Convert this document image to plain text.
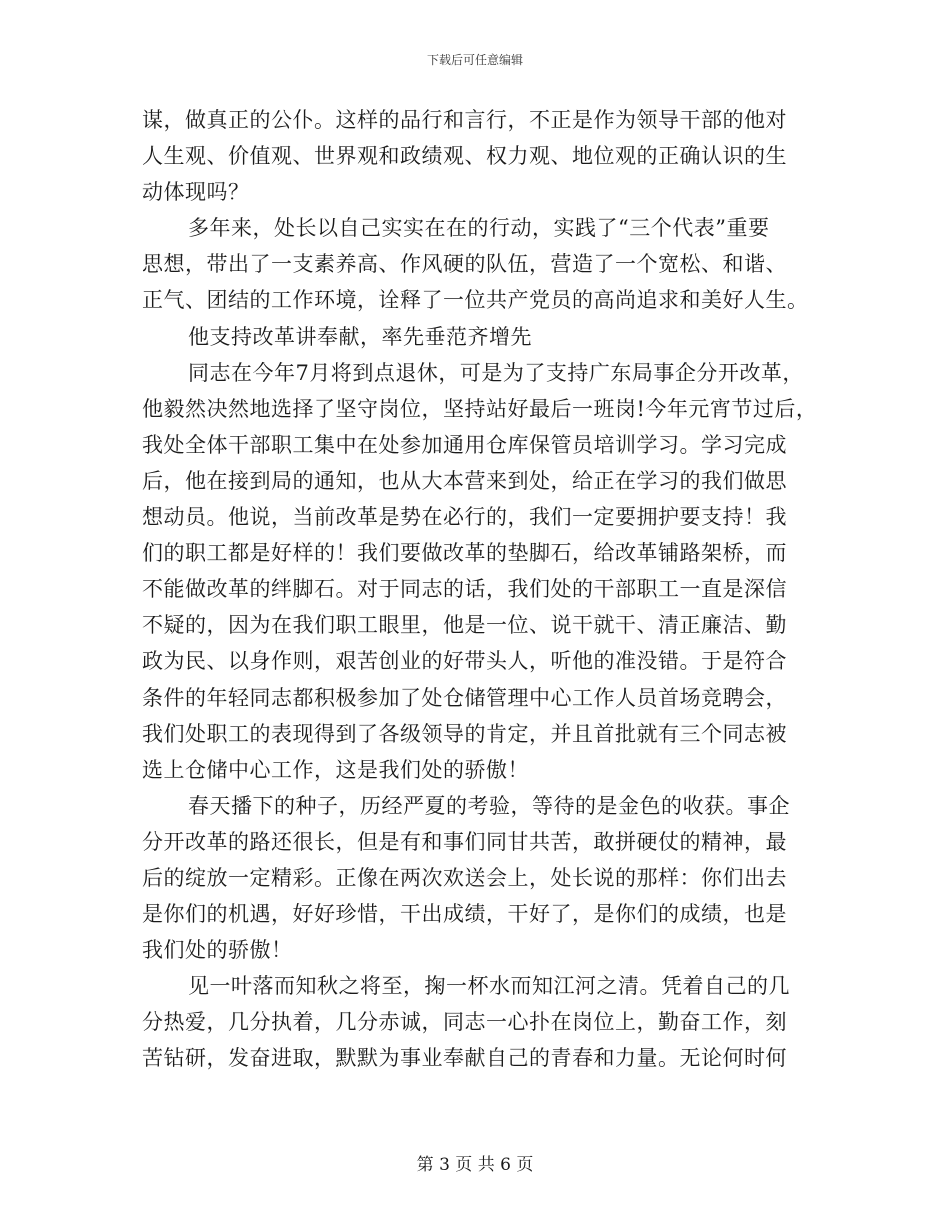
下载后可任意编辑
谋，做真正的公仆。这样的品行和言行，不正是作为领导干部的他对
人生观、价值观、世界观和政绩观、权力观、地位观的正确认识的生
动体现吗？
多年来，处长以自己实实在在的行动，实践了“三个代表”重要
思想，带出了一支素养高、作风硬的队伍，营造了一个宽松、和谐、
正气、团结的工作环境，诠释了一位共产党员的高尚追求和美好人生。
他支持改革讲奉献，率先垂范齐增先
同志在今年7月将到点退休，可是为了支持广东局事企分开改革，
他毅然决然地选择了坚守岗位，坚持站好最后一班岗!今年元宵节过后，
我处全体干部职工集中在处参加通用仓库保管员培训学习。学习完成
后，他在接到局的通知，也从大本营来到处，给正在学习的我们做思
想动员。他说，当前改革是势在必行的，我们一定要拥护要支持！我
们的职工都是好样的！我们要做改革的垫脚石，给改革铺路架桥，而
不能做改革的绊脚石。对于同志的话，我们处的干部职工一直是深信
不疑的，因为在我们职工眼里，他是一位、说干就干、清正廉洁、勤
政为民、以身作则，艰苦创业的好带头人，听他的准没错。于是符合
条件的年轻同志都积极参加了处仓储管理中心工作人员首场竞聘会，
我们处职工的表现得到了各级领导的肯定，并且首批就有三个同志被
选上仓储中心工作，这是我们处的骄傲！
春天播下的种子，历经严夏的考验，等待的是金色的收获。事企
分开改革的路还很长，但是有和事们同甘共苦，敢拼硬仗的精神，最
后的绽放一定精彩。正像在两次欢送会上，处长说的那样：你们出去
是你们的机遇，好好珍惜，干出成绩，干好了，是你们的成绩，也是
我们处的骄傲！
见一叶落而知秋之将至，掬一杯水而知江河之清。凭着自己的几
分热爱，几分执着，几分赤诚，同志一心扑在岗位上，勤奋工作，刻
苦钻研，发奋进取，默默为事业奉献自己的青春和力量。无论何时何
第 3 页 共 6 页
